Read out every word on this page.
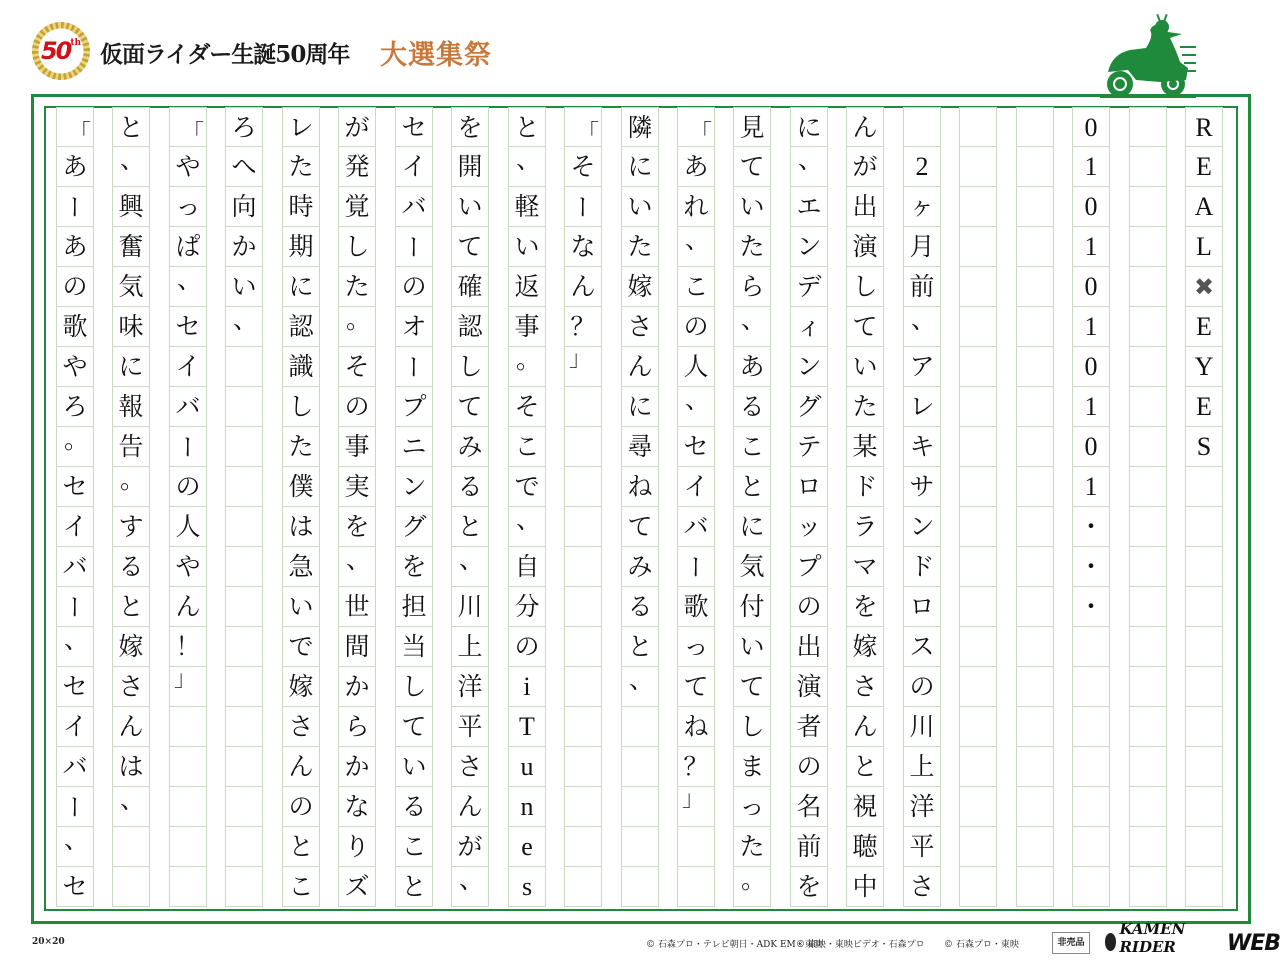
50 th 仮面ライダー生誕50周年 大選集祭
R
E
A
L
✖
E
Y
E
S
0
1
0
1
0
1
0
1
0
1
・
・
・

2
ヶ
月
前
、
ア
レ
キ
サ
ン
ド
ロ
ス
の
川
上
洋
平
さ
ん
が
出
演
し
て
い
た
某
ド
ラ
マ
を
嫁
さ
ん
と
視
聴
中
に
、
エ
ン
デ
ィ
ン
グ
テ
ロ
ッ
プ
の
出
演
者
の
名
前
を
見
て
い
た
ら
、
あ
る
こ
と
に
気
付
い
て
し
ま
っ
た
。
「
あ
れ
、
こ
の
人
、
セ
イ
バ
ー
歌
っ
て
ね
？
」
隣
に
い
た
嫁
さ
ん
に
尋
ね
て
み
る
と
、
「
そ
ー
な
ん
？
」
と
、
軽
い
返
事
。
そ
こ
で
、
自
分
の
i
T
u
n
e
s
を
開
い
て
確
認
し
て
み
る
と
、
川
上
洋
平
さ
ん
が
、
セ
イ
バ
ー
の
オ
ー
プ
ニ
ン
グ
を
担
当
し
て
い
る
こ
と
が
発
覚
し
た
。
そ
の
事
実
を
、
世
間
か
ら
か
な
り
ズ
レ
た
時
期
に
認
識
し
た
僕
は
急
い
で
嫁
さ
ん
の
と
こ
ろ
へ
向
か
い
、
「
や
っ
ぱ
、
セ
イ
バ
ー
の
人
や
ん
！
」
と
、
興
奮
気
味
に
報
告
。
す
る
と
嫁
さ
ん
は
、
「
あ
ー
あ
の
歌
や
ろ
。
セ
イ
バ
ー
、
セ
イ
バ
ー
、
セ
20×20	© 石森プロ・テレビ朝日・ADK EM・東映
© 東映・東映ビデオ・石森プロ © 石森プロ・東映	非売品
KAMEN RIDER	WEB
